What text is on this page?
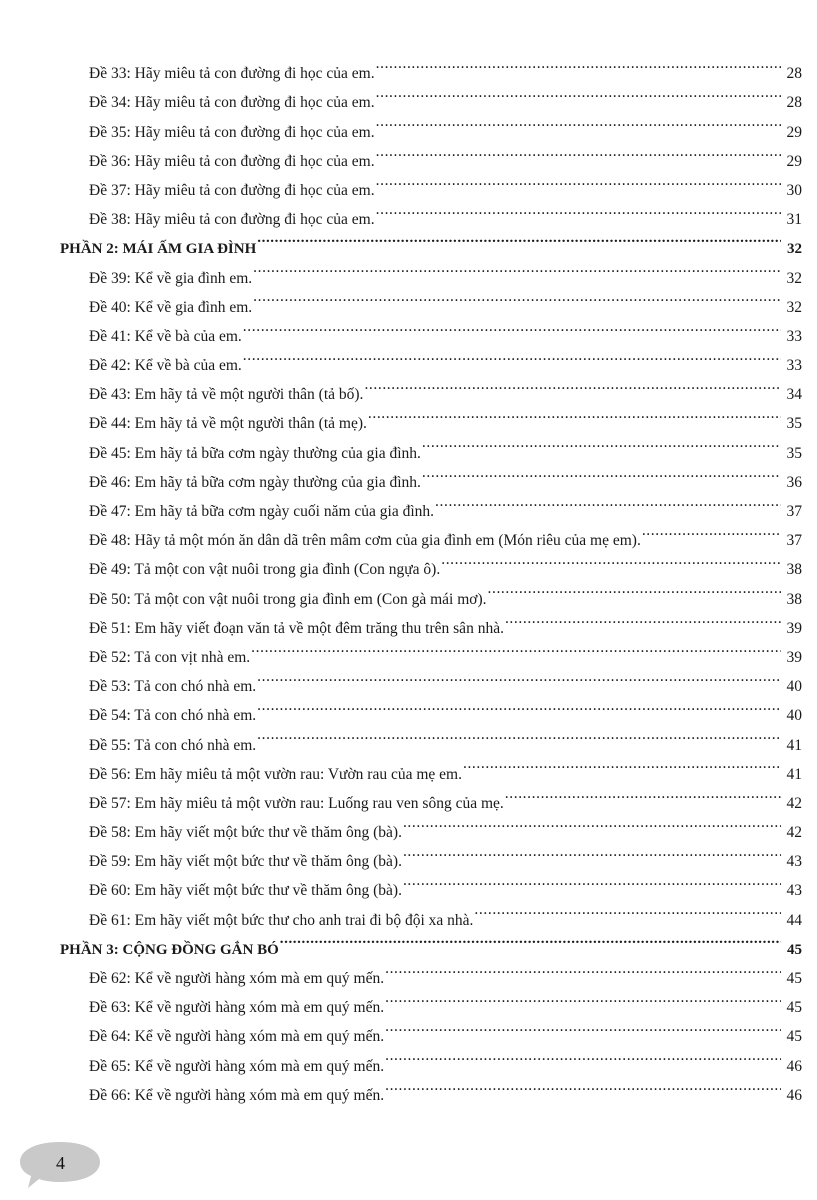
Đề 33: Hãy miêu tả con đường đi học của em. .....	28
Đề 34: Hãy miêu tả con đường đi học của em. .....	28
Đề 35: Hãy miêu tả con đường đi học của em. .....	29
Đề 36: Hãy miêu tả con đường đi học của em. .....	29
Đề 37: Hãy miêu tả con đường đi học của em. .....	30
Đề 38: Hãy miêu tả con đường đi học của em. .....	31
PHẦN 2: MÁI ẤM GIA ĐÌNH .....	32
Đề 39: Kể về gia đình em. .....	32
Đề 40: Kể về gia đình em. .....	32
Đề 41: Kể về bà của em. .....	33
Đề 42: Kể về bà của em. .....	33
Đề 43: Em hãy tả về một người thân (tả bố). .....	34
Đề 44: Em hãy tả về một người thân (tả mẹ). .....	35
Đề 45: Em hãy tả bữa cơm ngày thường của gia đình. .....	35
Đề 46: Em hãy tả bữa cơm ngày thường của gia đình. .....	36
Đề 47: Em hãy tả bữa cơm ngày cuối năm của gia đình. .....	37
Đề 48: Hãy tả một món ăn dân dã trên mâm cơm của gia đình em (Món riêu của mẹ em). .....	37
Đề 49: Tả một con vật nuôi trong gia đình (Con ngựa ô). .....	38
Đề 50: Tả một con vật nuôi trong gia đình em (Con gà mái mơ). .....	38
Đề 51: Em hãy viết đoạn văn tả về một đêm trăng thu trên sân nhà. .....	39
Đề 52: Tả con vịt nhà em. .....	39
Đề 53: Tả con chó nhà em. .....	40
Đề 54: Tả con chó nhà em. .....	40
Đề 55: Tả con chó nhà em. .....	41
Đề 56: Em hãy miêu tả một vườn rau: Vườn rau của mẹ em. .....	41
Đề 57: Em hãy miêu tả một vườn rau: Luống rau ven sông của mẹ. .....	42
Đề 58: Em hãy viết một bức thư về thăm ông (bà). .....	42
Đề 59: Em hãy viết một bức thư về thăm ông (bà). .....	43
Đề 60: Em hãy viết một bức thư về thăm ông (bà). .....	43
Đề 61: Em hãy viết một bức thư cho anh trai đi bộ đội xa nhà. .....	44
PHẦN 3: CỘNG ĐỒNG GẮN BÓ .....	45
Đề 62: Kể về người hàng xóm mà em quý mến. .....	45
Đề 63: Kể về người hàng xóm mà em quý mến. .....	45
Đề 64: Kể về người hàng xóm mà em quý mến. .....	45
Đề 65: Kể về người hàng xóm mà em quý mến. .....	46
Đề 66: Kể về người hàng xóm mà em quý mến. .....	46
4
